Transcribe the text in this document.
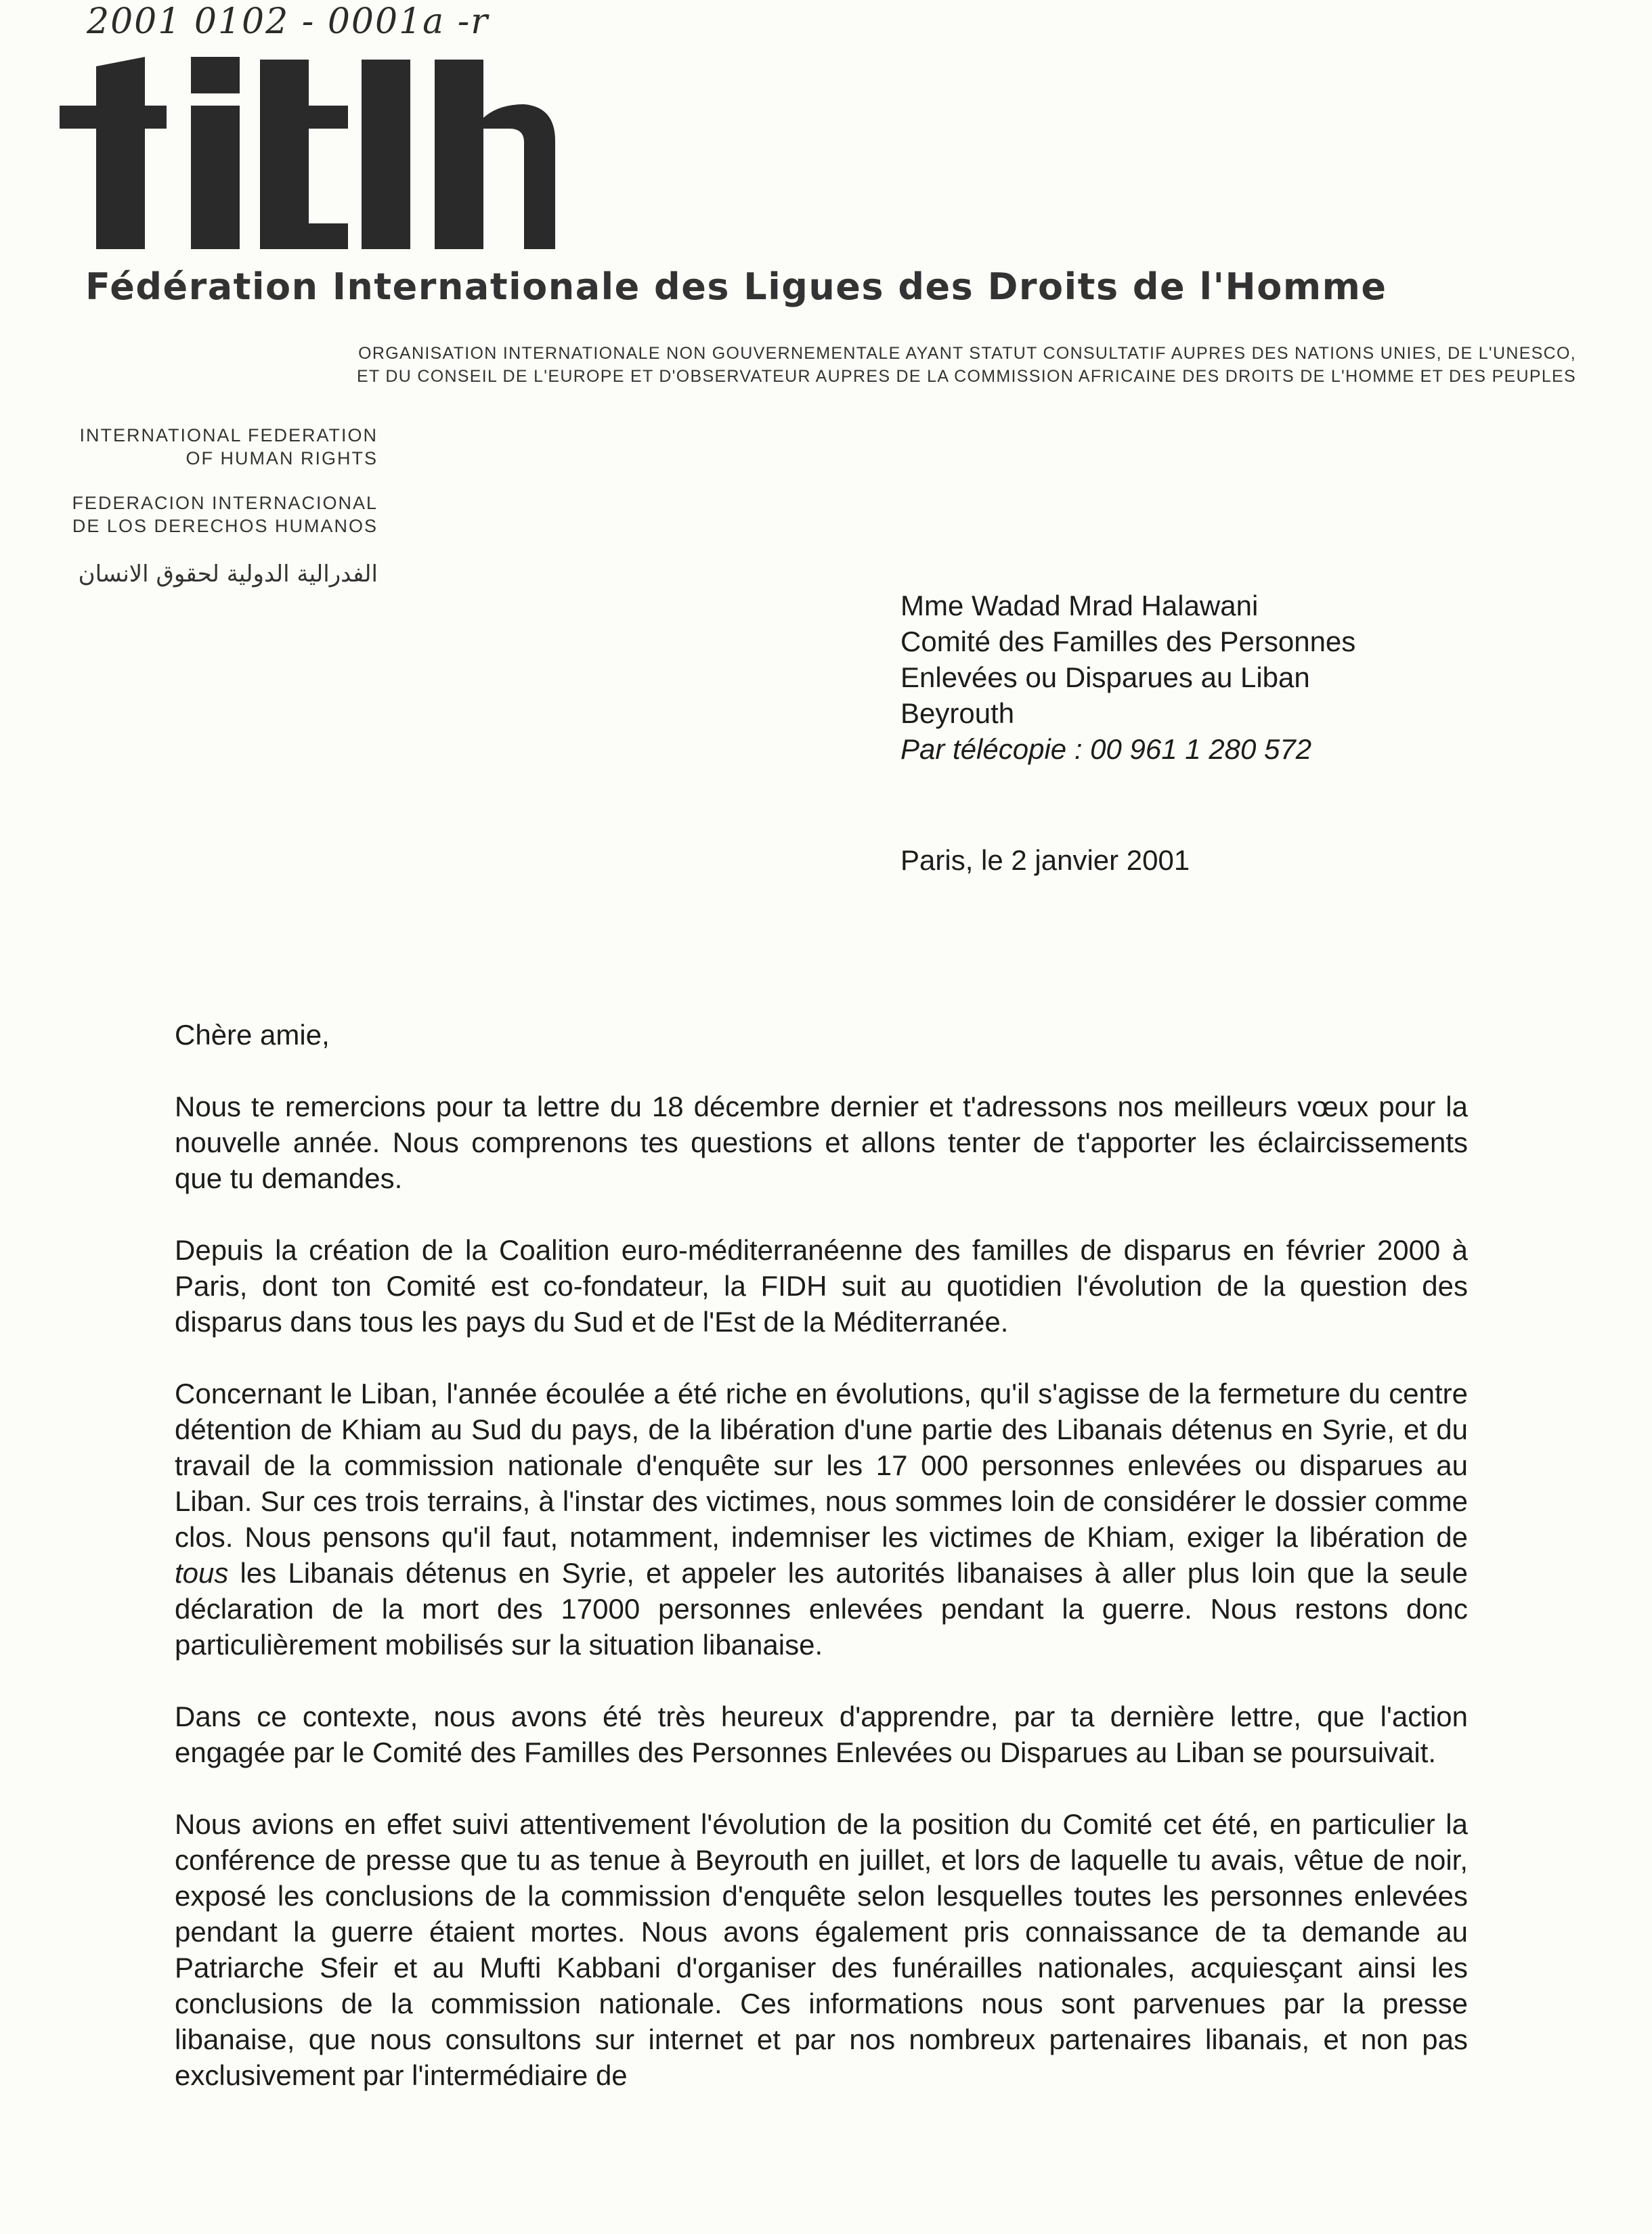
2001 0102 - 0001a -r
Fédération Internationale des Ligues des Droits de l'Homme
ORGANISATION INTERNATIONALE NON GOUVERNEMENTALE AYANT STATUT CONSULTATIF AUPRES DES NATIONS UNIES, DE L'UNESCO,
ET DU CONSEIL DE L'EUROPE ET D'OBSERVATEUR AUPRES DE LA COMMISSION AFRICAINE DES DROITS DE L'HOMME ET DES PEUPLES
INTERNATIONAL FEDERATION
OF HUMAN RIGHTS
FEDERACION INTERNACIONAL
DE LOS DERECHOS HUMANOS
الفدرالية الدولية لحقوق الانسان
Mme Wadad Mrad Halawani
Comité des Familles des Personnes
Enlevées ou Disparues au Liban
Beyrouth
Par télécopie : 00 961 1 280 572
Paris, le 2 janvier 2001

Chère amie,

Nous te remercions pour ta lettre du 18 décembre dernier et t'adressons nos meilleurs vœux pour la nouvelle année. Nous comprenons tes questions et allons tenter de t'apporter les éclaircissements que tu demandes.

Depuis la création de la Coalition euro-méditerranéenne des familles de disparus en février 2000 à Paris, dont ton Comité est co-fondateur, la FIDH suit au quotidien l'évolution de la question des disparus dans tous les pays du Sud et de l'Est de la Méditerranée.

Concernant le Liban, l'année écoulée a été riche en évolutions, qu'il s'agisse de la fermeture du centre détention de Khiam au Sud du pays, de la libération d'une partie des Libanais détenus en Syrie, et du travail de la commission nationale d'enquête sur les 17 000 personnes enlevées ou disparues au Liban. Sur ces trois terrains, à l'instar des victimes, nous sommes loin de considérer le dossier comme clos. Nous pensons qu'il faut, notamment, indemniser les victimes de Khiam, exiger la libération de tous les Libanais détenus en Syrie, et appeler les autorités libanaises à aller plus loin que la seule déclaration de la mort des 17000 personnes enlevées pendant la guerre. Nous restons donc particulièrement mobilisés sur la situation libanaise.

Dans ce contexte, nous avons été très heureux d'apprendre, par ta dernière lettre, que l'action engagée par le Comité des Familles des Personnes Enlevées ou Disparues au Liban se poursuivait.

Nous avions en effet suivi attentivement l'évolution de la position du Comité cet été, en particulier la conférence de presse que tu as tenue à Beyrouth en juillet, et lors de laquelle tu avais, vêtue de noir, exposé les conclusions de la commission d'enquête selon lesquelles toutes les personnes enlevées pendant la guerre étaient mortes. Nous avons également pris connaissance de ta demande au Patriarche Sfeir et au Mufti Kabbani d'organiser des funérailles nationales, acquiesçant ainsi les conclusions de la commission nationale. Ces informations nous sont parvenues par la presse libanaise, que nous consultons sur internet et par nos nombreux partenaires libanais, et non pas exclusivement par l'intermédiaire de
